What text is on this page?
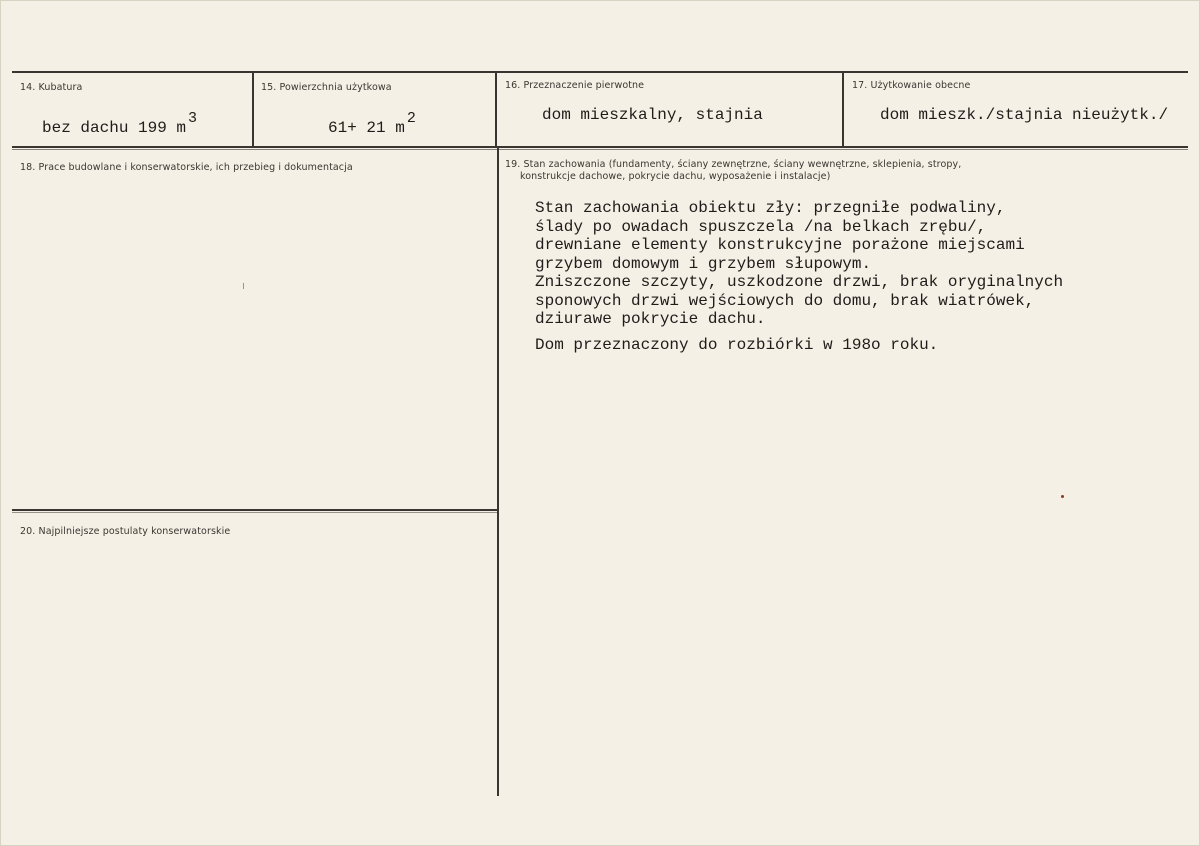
14. Kubatura
bez dachu 199 $m^3$
15. Powierzchnia użytkowa
61+ 21 $m^2$
16. Przeznaczenie pierwotne
dom mieszkalny, stajnia
17. Użytkowanie obecne
dom mieszk./stajnia nieużytk./
18. Prace budowlane i konserwatorskie, ich przebieg i dokumentacja	19. Stan zachowania (fundamenty, ściany zewnętrzne, ściany wewnętrzne, sklepienia, stropy,
konstrukcje dachowe, pokrycie dachu, wyposażenie i instalacje)
Stan zachowania obiektu zły: przegniłe podwaliny,
ślady po owadach spuszczela /na belkach zrębu/,
drewniane elementy konstrukcyjne porażone miejscami
grzybem domowym i grzybem słupowym.
Zniszczone szczyty, uszkodzone drzwi, brak oryginalnych
sponowych drzwi wejściowych do domu, brak wiatrówek,
dziurawe pokrycie dachu.
Dom przeznaczony do rozbiórki w 198o roku.
20. Najpilniejsze postulaty konserwatorskie
